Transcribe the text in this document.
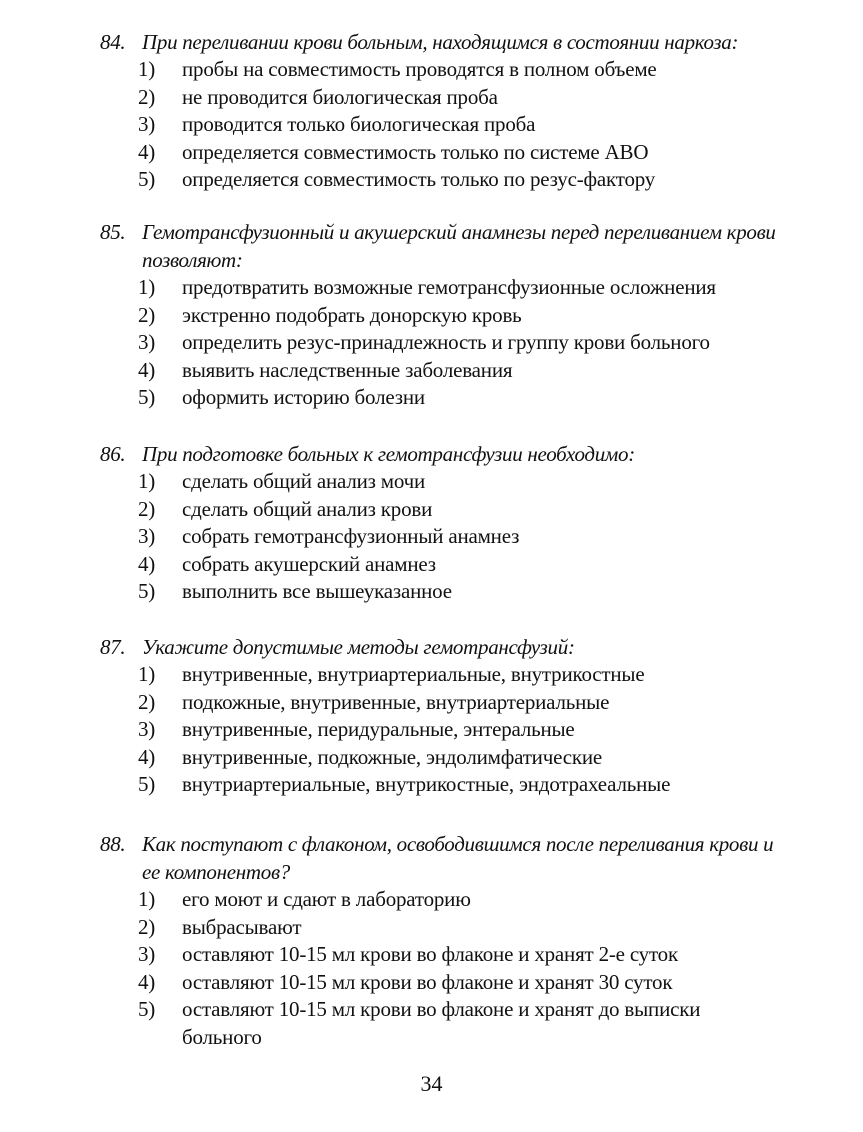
84. При переливании крови больным, находящимся в состоянии наркоза:
1)	пробы на совместимость проводятся в полном объеме
2)	не проводится биологическая проба
3)	проводится только биологическая проба
4)	определяется совместимость только по системе АВО
5)	определяется совместимость только по резус-фактору
85. Гемотрансфузионный и акушерский анамнезы перед переливанием крови позволяют:
1)	предотвратить возможные гемотрансфузионные осложнения
2)	экстренно подобрать донорскую кровь
3)	определить резус-принадлежность и группу крови больного
4)	выявить наследственные заболевания
5)	оформить историю болезни
86. При подготовке больных к гемотрансфузии необходимо:
1)	сделать общий анализ мочи
2)	сделать общий анализ крови
3)	собрать гемотрансфузионный анамнез
4)	собрать акушерский анамнез
5)	выполнить все вышеуказанное
87. Укажите допустимые методы гемотрансфузий:
1)	внутривенные, внутриартериальные, внутрикостные
2)	подкожные, внутривенные, внутриартериальные
3)	внутривенные, перидуральные, энтеральные
4)	внутривенные, подкожные, эндолимфатические
5)	внутриартериальные, внутрикостные, эндотрахеальные
88. Как поступают с флаконом, освободившимся после переливания крови и ее компонентов?
1)	его моют и сдают в лабораторию
2)	выбрасывают
3)	оставляют 10-15 мл крови во флаконе и хранят 2-е суток
4)	оставляют 10-15 мл крови во флаконе и хранят 30 суток
5)	оставляют 10-15 мл крови во флаконе и хранят до выписки больного
34
